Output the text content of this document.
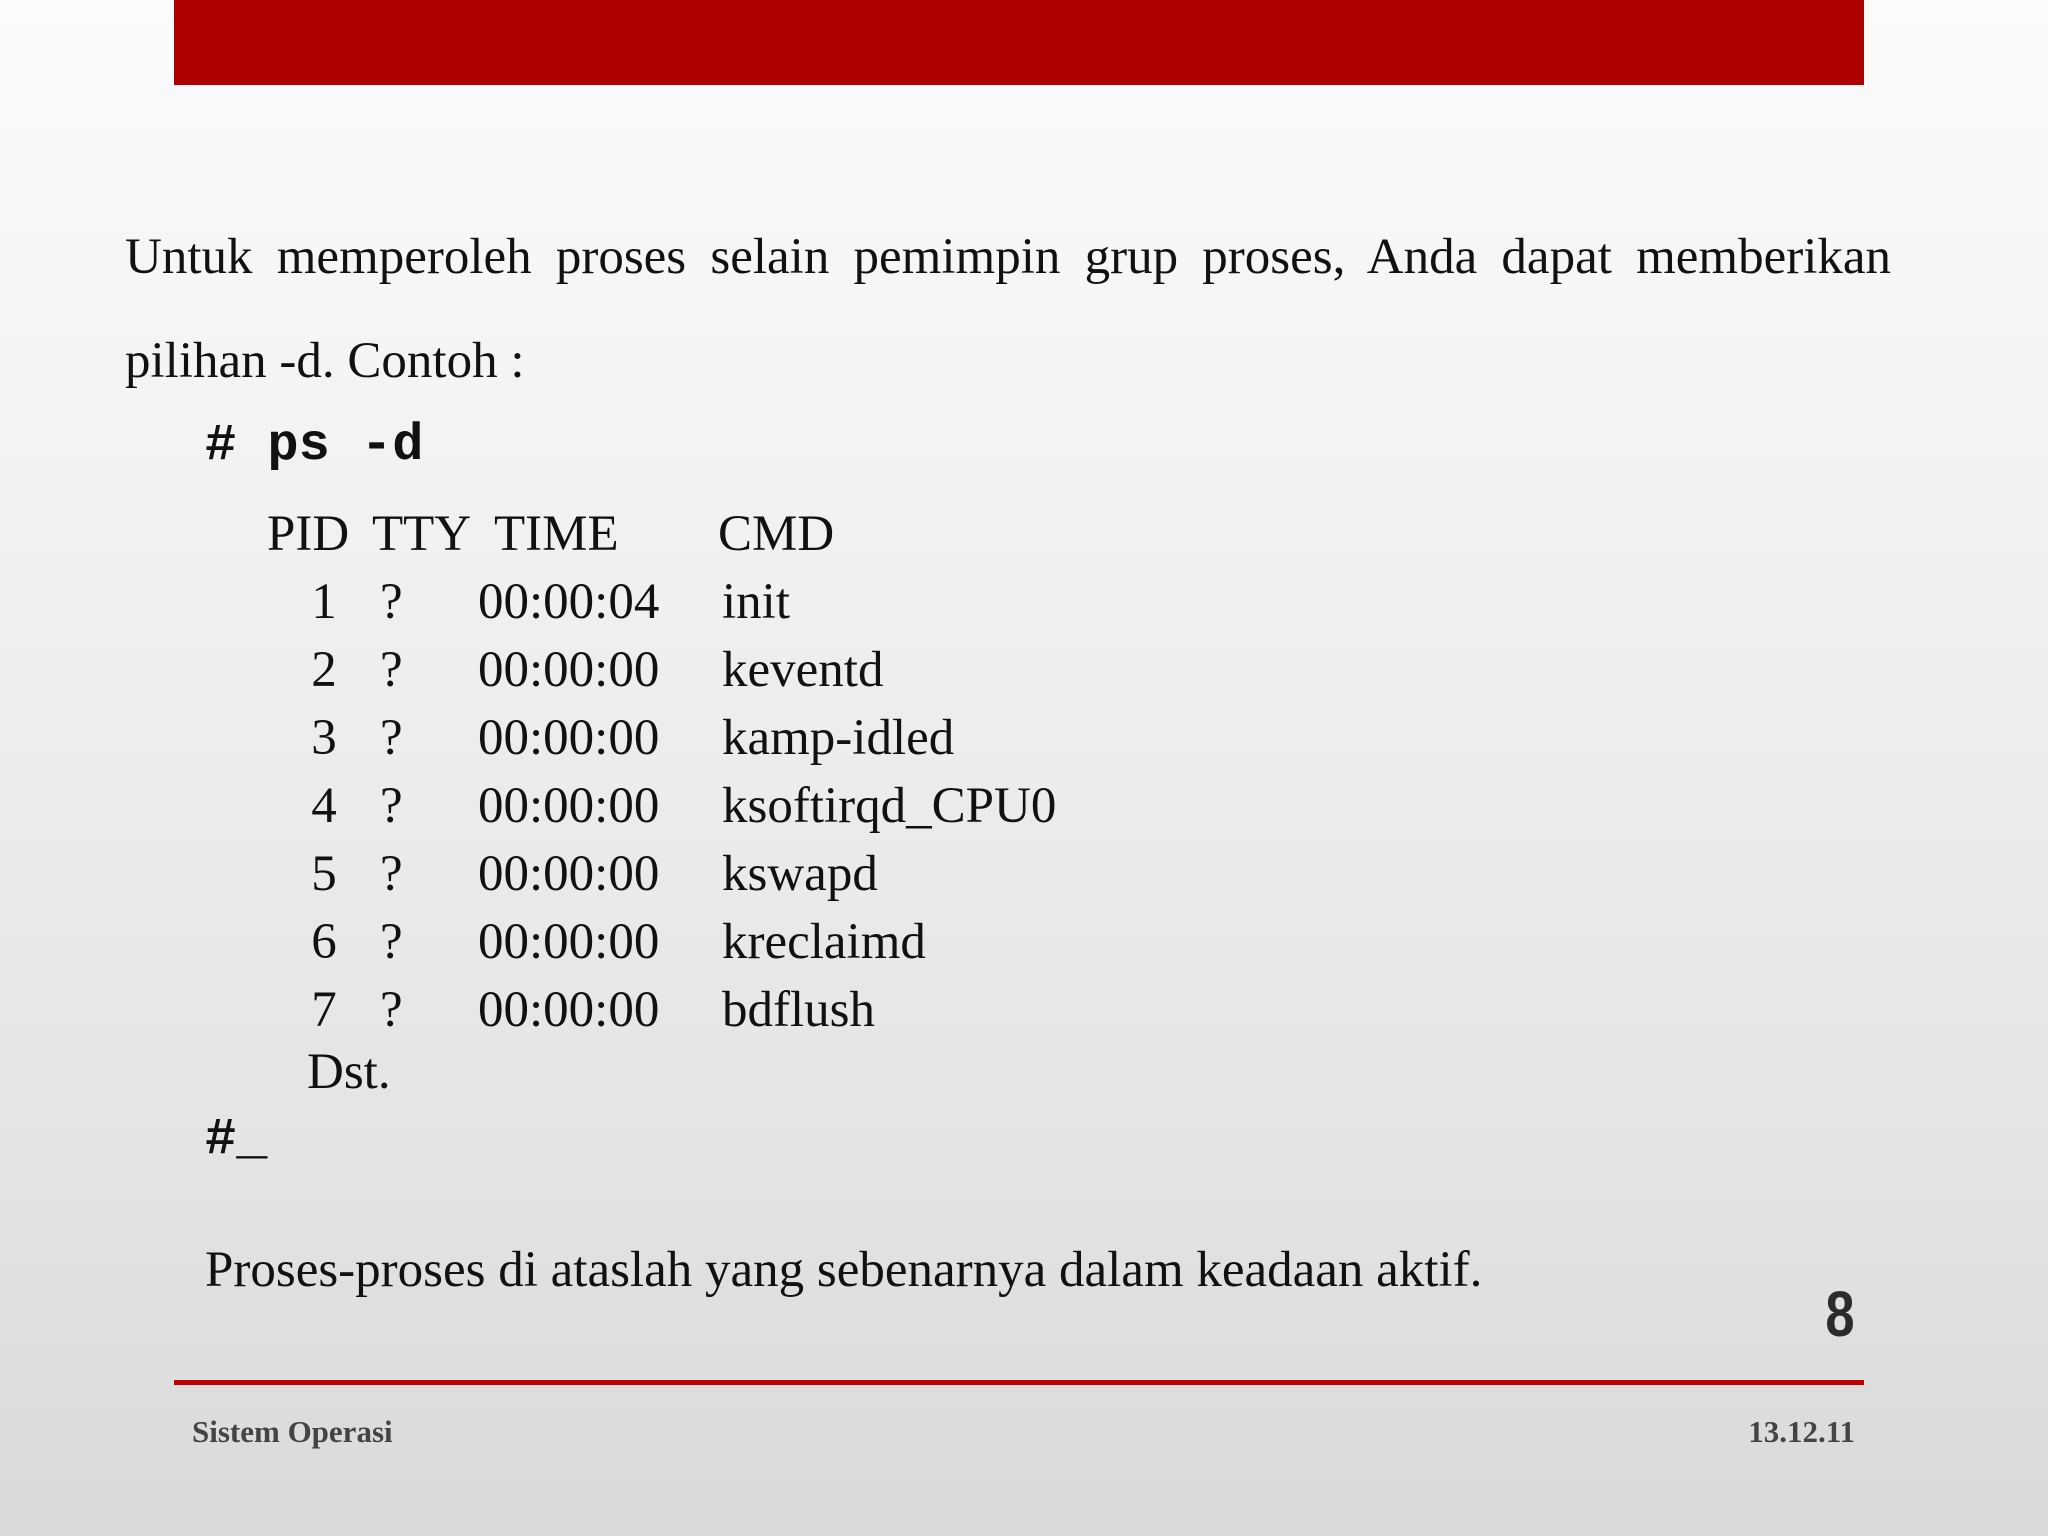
Untuk memperoleh proses selain pemimpin grup proses, Anda dapat memberikan pilihan -d. Contoh :

# ps -d
PID TTY TIME CMD
1 ? 00:00:04 init
2 ? 00:00:00 keventd
3 ? 00:00:00 kamp-idled
4 ? 00:00:00 ksoftirqd_CPU0
5 ? 00:00:00 kswapd
6 ? 00:00:00 kreclaimd
7 ? 00:00:00 bdflush
Dst.
#_
Proses-proses di ataslah yang sebenarnya dalam keadaan aktif.
8
Sistem Operasi	13.12.11
